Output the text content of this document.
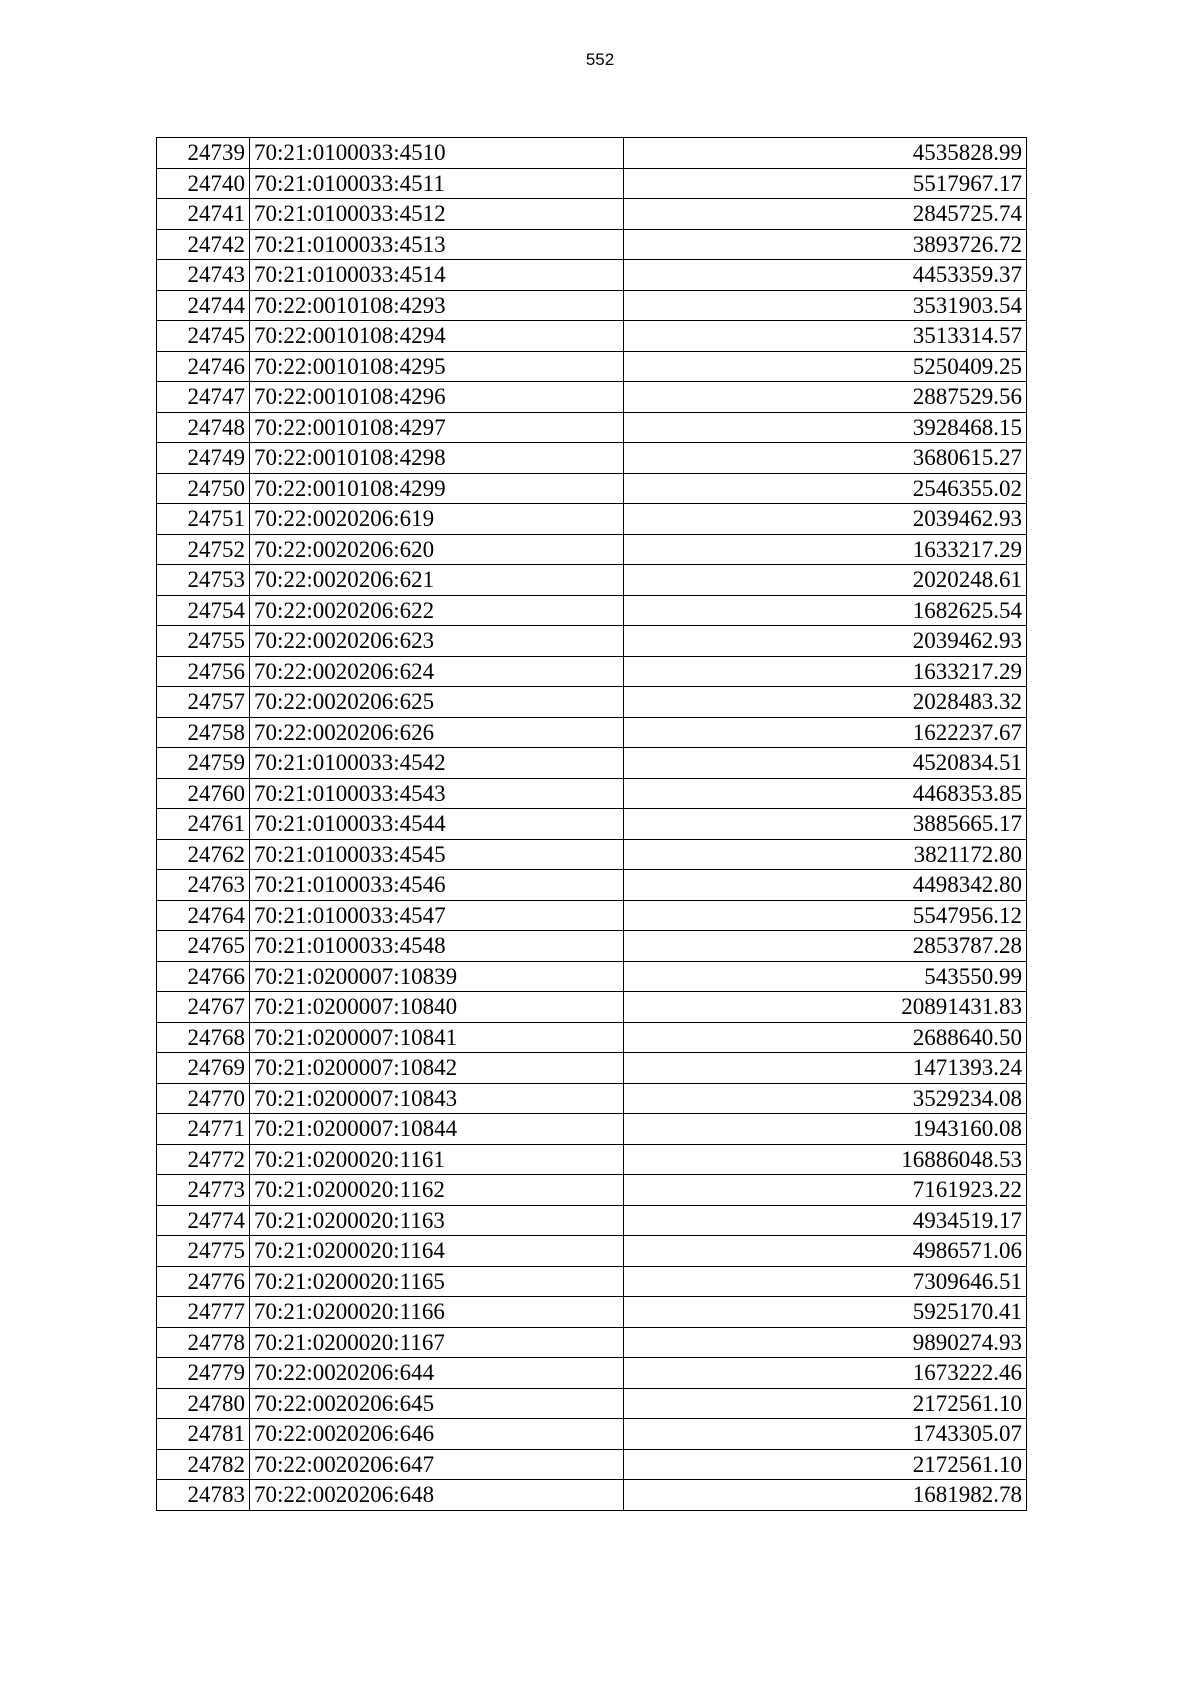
552
24739	70:21:0100033:4510	4535828.99
24740	70:21:0100033:4511	5517967.17
24741	70:21:0100033:4512	2845725.74
24742	70:21:0100033:4513	3893726.72
24743	70:21:0100033:4514	4453359.37
24744	70:22:0010108:4293	3531903.54
24745	70:22:0010108:4294	3513314.57
24746	70:22:0010108:4295	5250409.25
24747	70:22:0010108:4296	2887529.56
24748	70:22:0010108:4297	3928468.15
24749	70:22:0010108:4298	3680615.27
24750	70:22:0010108:4299	2546355.02
24751	70:22:0020206:619	2039462.93
24752	70:22:0020206:620	1633217.29
24753	70:22:0020206:621	2020248.61
24754	70:22:0020206:622	1682625.54
24755	70:22:0020206:623	2039462.93
24756	70:22:0020206:624	1633217.29
24757	70:22:0020206:625	2028483.32
24758	70:22:0020206:626	1622237.67
24759	70:21:0100033:4542	4520834.51
24760	70:21:0100033:4543	4468353.85
24761	70:21:0100033:4544	3885665.17
24762	70:21:0100033:4545	3821172.80
24763	70:21:0100033:4546	4498342.80
24764	70:21:0100033:4547	5547956.12
24765	70:21:0100033:4548	2853787.28
24766	70:21:0200007:10839	543550.99
24767	70:21:0200007:10840	20891431.83
24768	70:21:0200007:10841	2688640.50
24769	70:21:0200007:10842	1471393.24
24770	70:21:0200007:10843	3529234.08
24771	70:21:0200007:10844	1943160.08
24772	70:21:0200020:1161	16886048.53
24773	70:21:0200020:1162	7161923.22
24774	70:21:0200020:1163	4934519.17
24775	70:21:0200020:1164	4986571.06
24776	70:21:0200020:1165	7309646.51
24777	70:21:0200020:1166	5925170.41
24778	70:21:0200020:1167	9890274.93
24779	70:22:0020206:644	1673222.46
24780	70:22:0020206:645	2172561.10
24781	70:22:0020206:646	1743305.07
24782	70:22:0020206:647	2172561.10
24783	70:22:0020206:648	1681982.78
